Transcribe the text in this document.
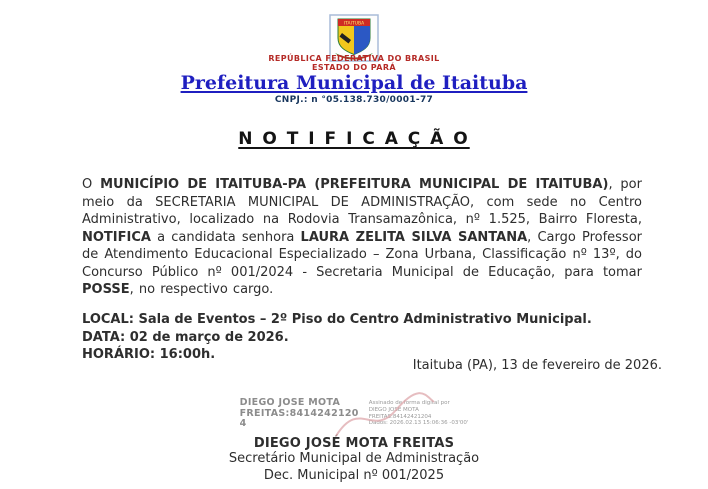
ITAITUBA
REPÚBLICA FEDERATIVA DO BRASIL
ESTADO DO PARÁ
Prefeitura Municipal de Itaituba
CNPJ.: n °05.138.730/0001-77
N O T I F I C A Ç Ã O

O MUNICÍPIO DE ITAITUBA-PA (PREFEITURA MUNICIPAL DE ITAITUBA), por meio da SECRETARIA MUNICIPAL DE ADMINISTRAÇÃO, com sede no Centro Administrativo, localizado na Rodovia Transamazônica, nº 1.525, Bairro Floresta, NOTIFICA a candidata senhora LAURA ZELITA SILVA SANTANA, Cargo Professor de Atendimento Educacional Especializado – Zona Urbana, Classificação nº 13º, do Concurso Público nº 001/2024 - Secretaria Municipal de Educação, para tomar POSSE, no respectivo cargo.

LOCAL: Sala de Eventos – 2º Piso do Centro Administrativo Municipal.
DATA: 02 de março de 2026.
HORÁRIO: 16:00h.
Itaituba (PA), 13 de fevereiro de 2026.
DIEGO JOSE MOTA
FREITAS:8414242120
4
Assinado de forma digital por
DIEGO JOSE MOTA
FREITAS:84142421204
Dados: 2026.02.13 15:06:36 -03'00'
DIEGO JOSÉ MOTA FREITAS
Secretário Municipal de Administração
Dec. Municipal nº 001/2025
